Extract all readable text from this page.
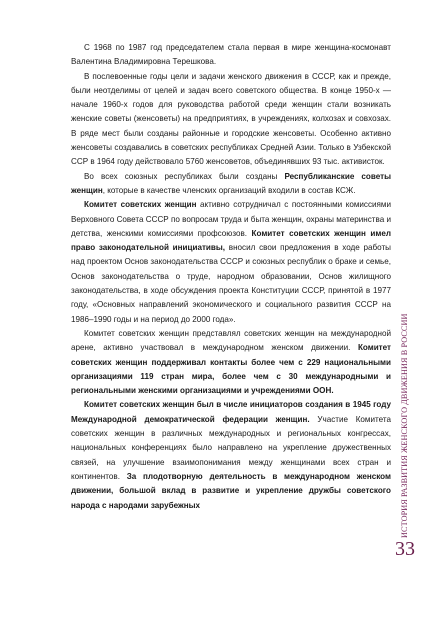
С 1968 по 1987 год председателем стала первая в мире женщина-космонавт Валентина Владимировна Терешкова.

В послевоенные годы цели и задачи женского движения в СССР, как и прежде, были неотделимы от целей и задач всего советского общества. В конце 1950-х — начале 1960-х годов для руководства работой среди женщин стали возникать женские советы (женсоветы) на предприятиях, в учреждениях, колхозах и совхозах. В ряде мест были созданы районные и городские женсоветы. Особенно активно женсоветы создавались в советских республиках Средней Азии. Только в Узбекской ССР в 1964 году действовало 5760 женсоветов, объединявших 93 тыс. активисток.

Во всех союзных республиках были созданы Республиканские советы женщин, которые в качестве членских организаций входили в состав КСЖ.

Комитет советских женщин активно сотрудничал с постоянными комиссиями Верховного Совета СССР по вопросам труда и быта женщин, охраны материнства и детства, женскими комиссиями профсоюзов. Комитет советских женщин имел право законодательной инициативы, вносил свои предложения в ходе работы над проектом Основ законодательства СССР и союзных республик о браке и семье, Основ законодательства о труде, народном образовании, Основ жилищного законодательства, в ходе обсуждения проекта Конституции СССР, принятой в 1977 году, «Основных направлений экономического и социального развития СССР на 1986–1990 годы и на период до 2000 года».

Комитет советских женщин представлял советских женщин на международной арене, активно участвовал в международном женском движении. Комитет советских женщин поддерживал контакты более чем с 229 национальными организациями 119 стран мира, более чем с 30 международными и региональными женскими организациями и учреждениями ООН.

Комитет советских женщин был в числе инициаторов создания в 1945 году Международной демократической федерации женщин. Участие Комитета советских женщин в различных международных и региональных конгрессах, национальных конференциях было направлено на укрепление дружественных связей, на улучшение взаимопонимания между женщинами всех стран и континентов. За плодотворную деятельность в международном женском движении, большой вклад в развитие и укрепление дружбы советского народа с народами зарубежных	ИСТОРИЯ РАЗВИТИЯ ЖЕНСКОГО ДВИЖЕНИЯ В РОССИИ
33
